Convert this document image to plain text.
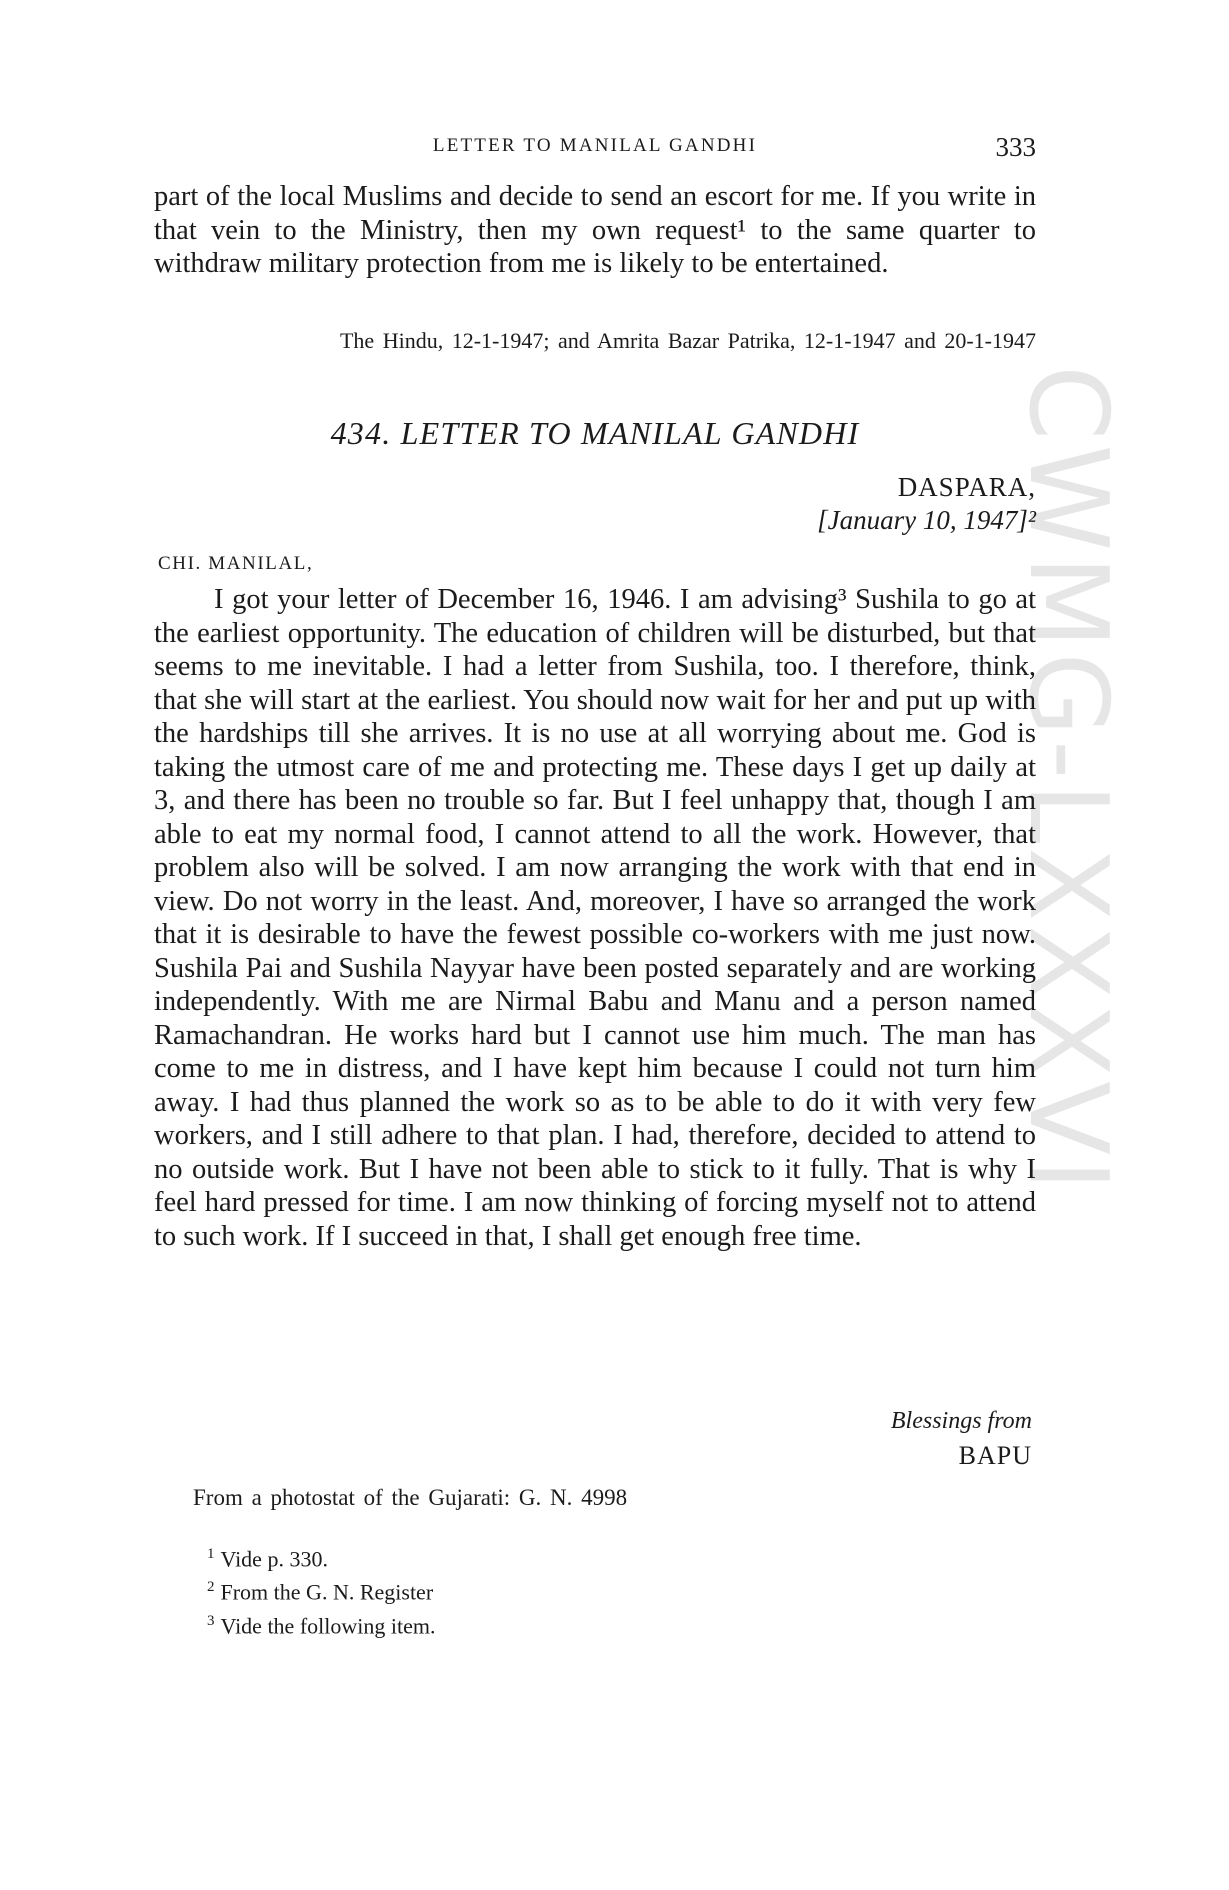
CWMG-LXXXVI
LETTER TO MANILAL GANDHI	333

part of the local Muslims and decide to send an escort for me. If you write in that vein to the Ministry, then my own request¹ to the same quarter to withdraw military protection from me is likely to be entertained.

The Hindu, 12-1-1947; and Amrita Bazar Patrika, 12-1-1947 and 20-1-1947
434. LETTER TO MANILAL GANDHI
DASPARA,
[January 10, 1947]²
CHI. MANILAL,

I got your letter of December 16, 1946. I am advising³ Sushila to go at the earliest opportunity. The education of children will be disturbed, but that seems to me inevitable. I had a letter from Sushila, too. I therefore, think, that she will start at the earliest. You should now wait for her and put up with the hardships till she arrives. It is no use at all worrying about me. God is taking the utmost care of me and protecting me. These days I get up daily at 3, and there has been no trouble so far. But I feel unhappy that, though I am able to eat my normal food, I cannot attend to all the work. However, that problem also will be solved. I am now arranging the work with that end in view. Do not worry in the least. And, moreover, I have so arranged the work that it is desirable to have the fewest possible co-workers with me just now. Sushila Pai and Sushila Nayyar have been posted separately and are working independently. With me are Nirmal Babu and Manu and a person named Ramachandran. He works hard but I cannot use him much. The man has come to me in distress, and I have kept him because I could not turn him away. I had thus planned the work so as to be able to do it with very few workers, and I still adhere to that plan. I had, therefore, decided to attend to no outside work. But I have not been able to stick to it fully. That is why I feel hard pressed for time. I am now thinking of forcing myself not to attend to such work. If I succeed in that, I shall get enough free time.

Blessings from
BAPU
From a photostat of the Gujarati: G. N. 4998
$^1$ Vide p. 330.
$^2$ From the G. N. Register
$^3$ Vide the following item.
